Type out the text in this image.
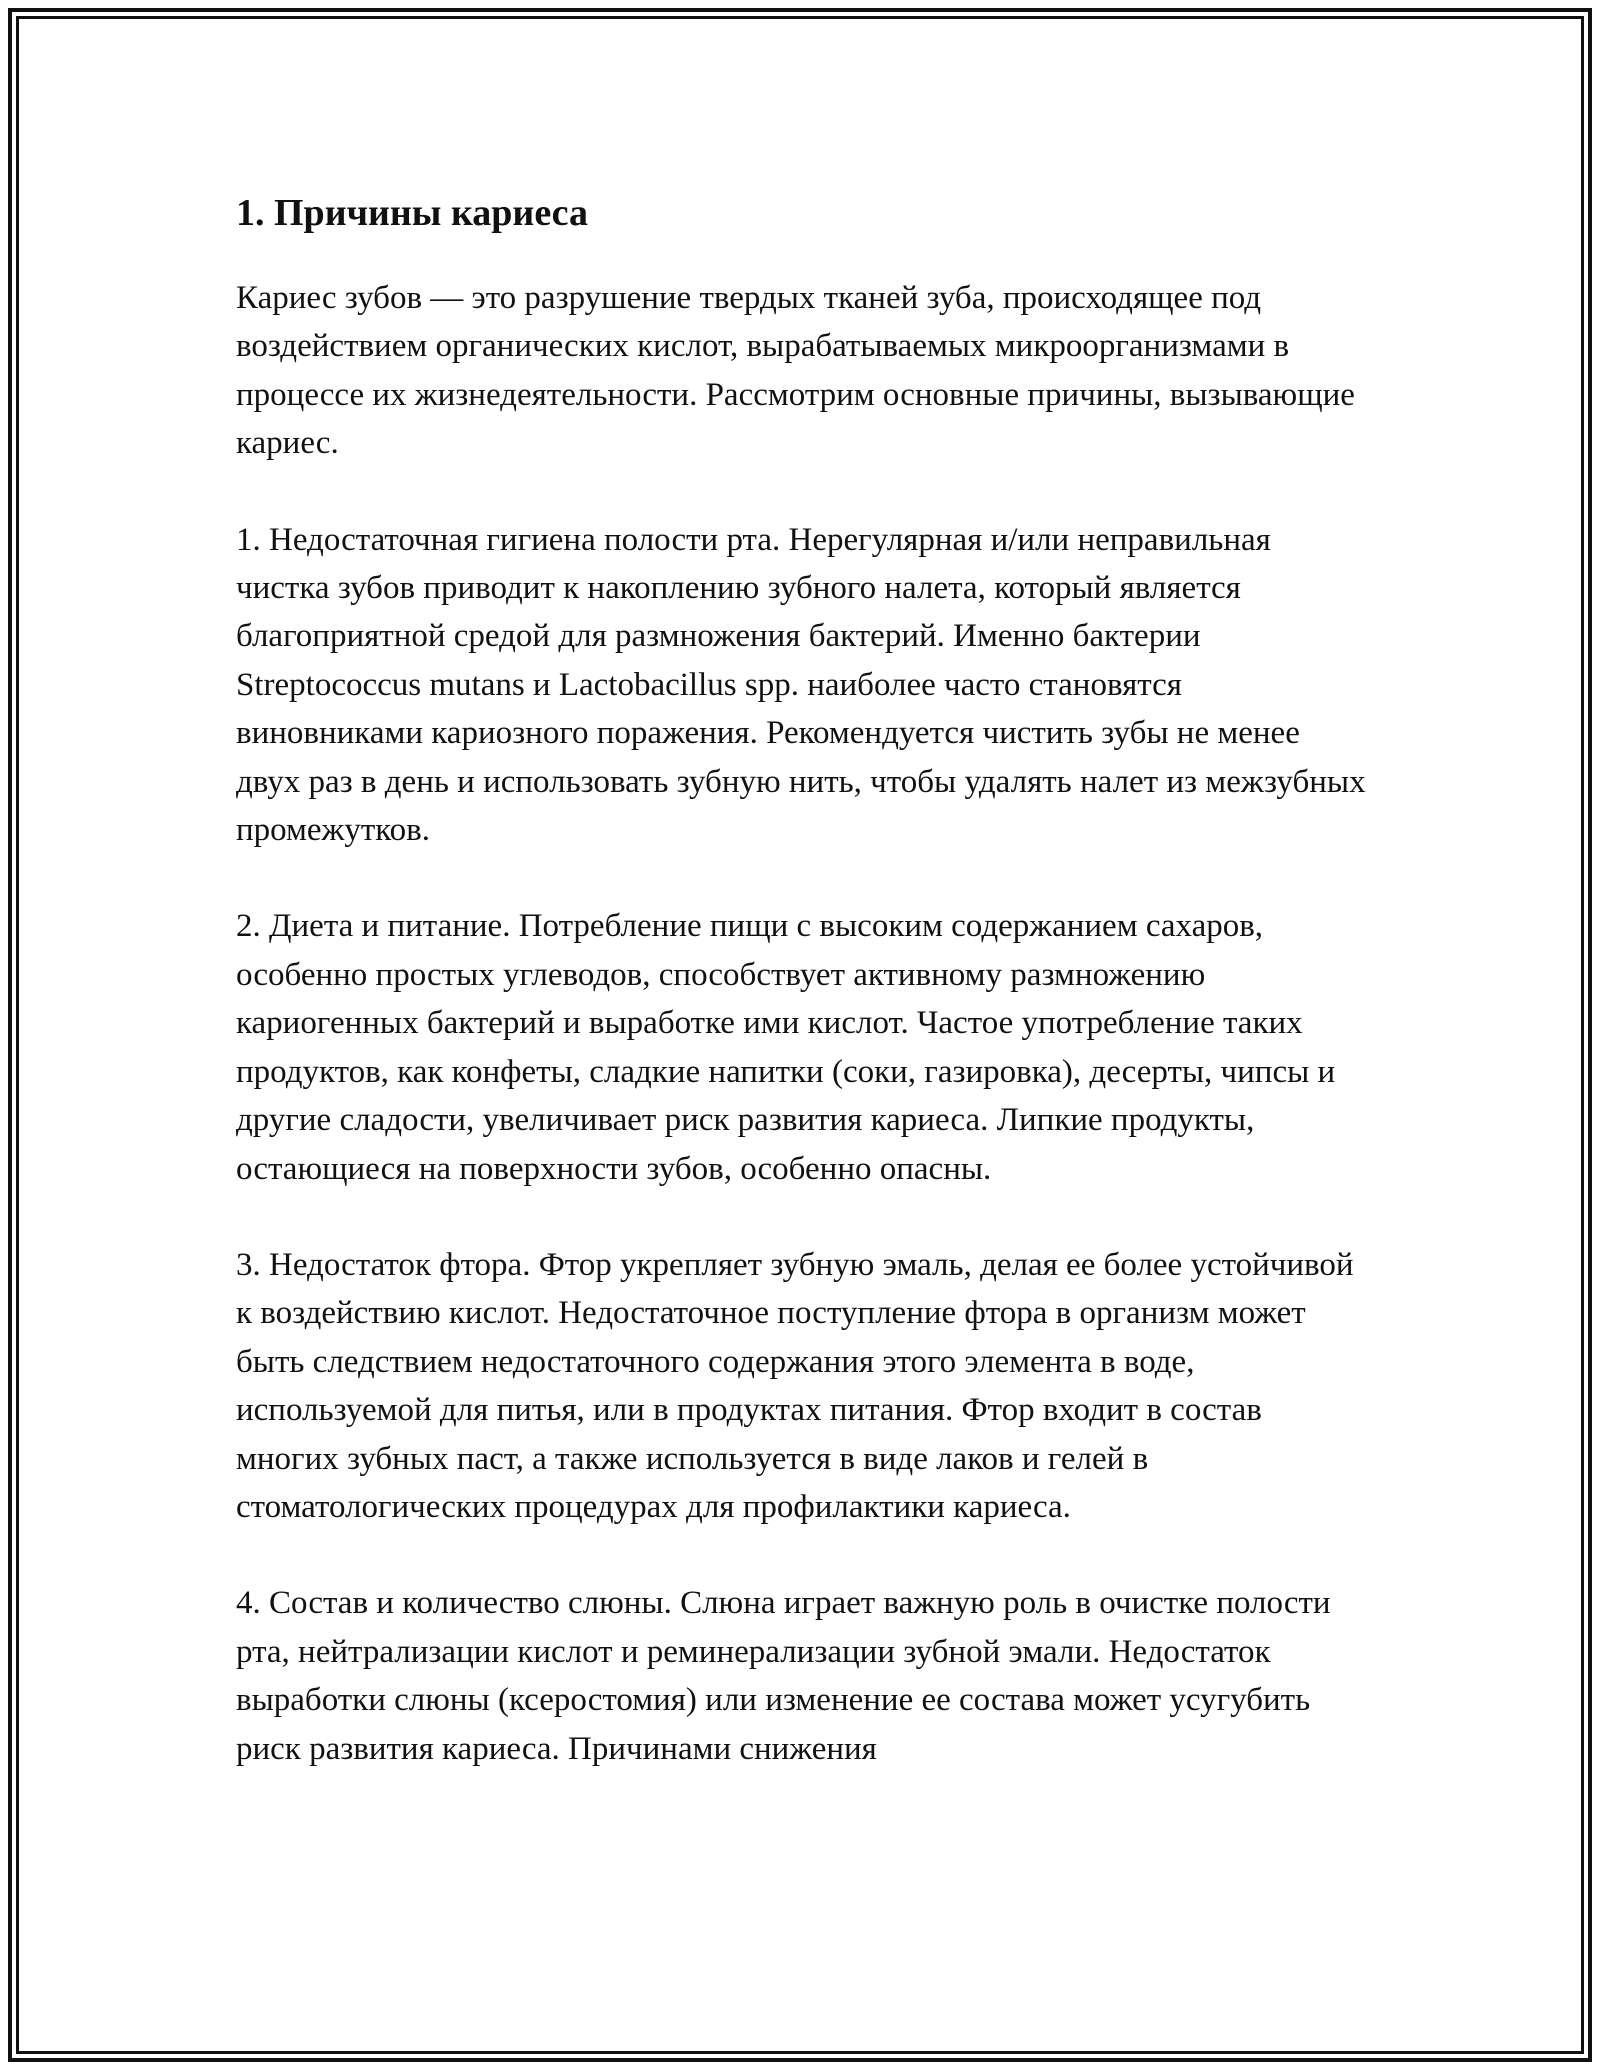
1. Причины кариеса

Кариес зубов — это разрушение твердых тканей зуба, происходящее под воздействием органических кислот, вырабатываемых микроорганизмами в процессе их жизнедеятельности. Рассмотрим основные причины, вызывающие кариес.

1. Недостаточная гигиена полости рта. Нерегулярная и/или неправильная чистка зубов приводит к накоплению зубного налета, который является благоприятной средой для размножения бактерий. Именно бактерии Streptococcus mutans и Lactobacillus spp. наиболее часто становятся виновниками кариозного поражения. Рекомендуется чистить зубы не менее двух раз в день и использовать зубную нить, чтобы удалять налет из межзубных промежутков.

2. Диета и питание. Потребление пищи с высоким содержанием сахаров, особенно простых углеводов, способствует активному размножению кариогенных бактерий и выработке ими кислот. Частое употребление таких продуктов, как конфеты, сладкие напитки (соки, газировка), десерты, чипсы и другие сладости, увеличивает риск развития кариеса. Липкие продукты, остающиеся на поверхности зубов, особенно опасны.

3. Недостаток фтора. Фтор укрепляет зубную эмаль, делая ее более устойчивой к воздействию кислот. Недостаточное поступление фтора в организм может быть следствием недостаточного содержания этого элемента в воде, используемой для питья, или в продуктах питания. Фтор входит в состав многих зубных паст, а также используется в виде лаков и гелей в стоматологических процедурах для профилактики кариеса.

4. Состав и количество слюны. Слюна играет важную роль в очистке полости рта, нейтрализации кислот и реминерализации зубной эмали. Недостаток выработки слюны (ксеростомия) или изменение ее состава может усугубить риск развития кариеса. Причинами снижения
